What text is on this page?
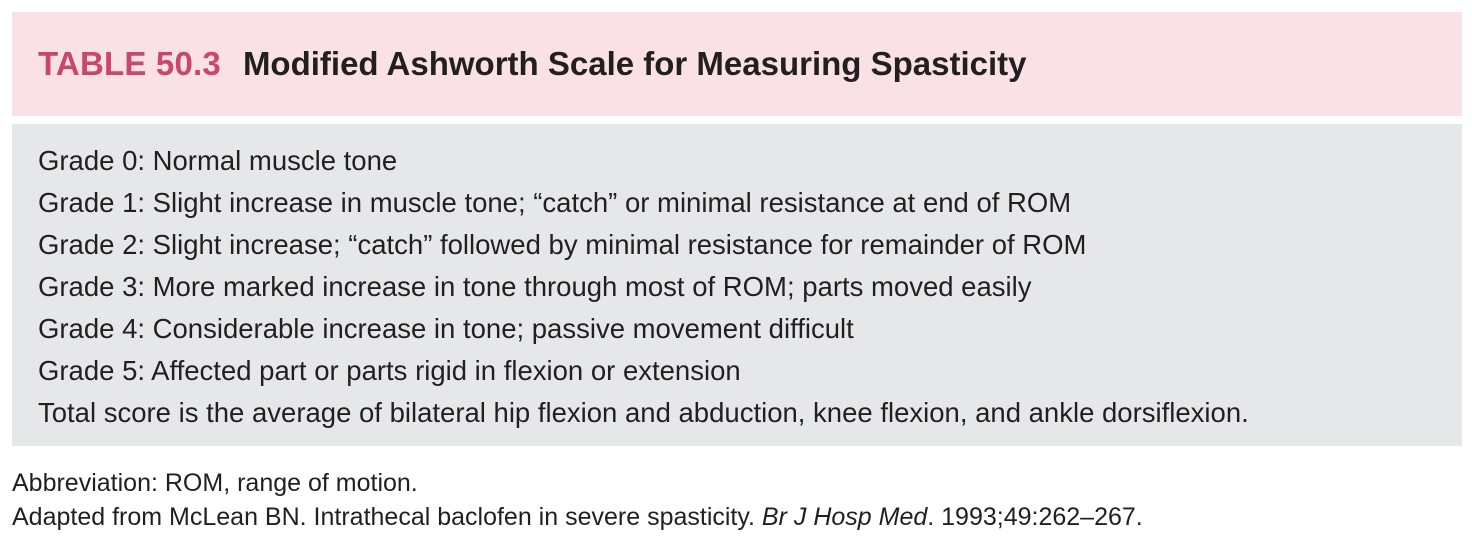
TABLE 50.3 Modified Ashworth Scale for Measuring Spasticity
Grade 0: Normal muscle tone
Grade 1: Slight increase in muscle tone; “catch” or minimal resistance at end of ROM
Grade 2: Slight increase; “catch” followed by minimal resistance for remainder of ROM
Grade 3: More marked increase in tone through most of ROM; parts moved easily
Grade 4: Considerable increase in tone; passive movement difficult
Grade 5: Affected part or parts rigid in flexion or extension
Total score is the average of bilateral hip flexion and abduction, knee flexion, and ankle dorsiflexion.
Abbreviation: ROM, range of motion.
Adapted from McLean BN. Intrathecal baclofen in severe spasticity. Br J Hosp Med. 1993;49:262–267.
